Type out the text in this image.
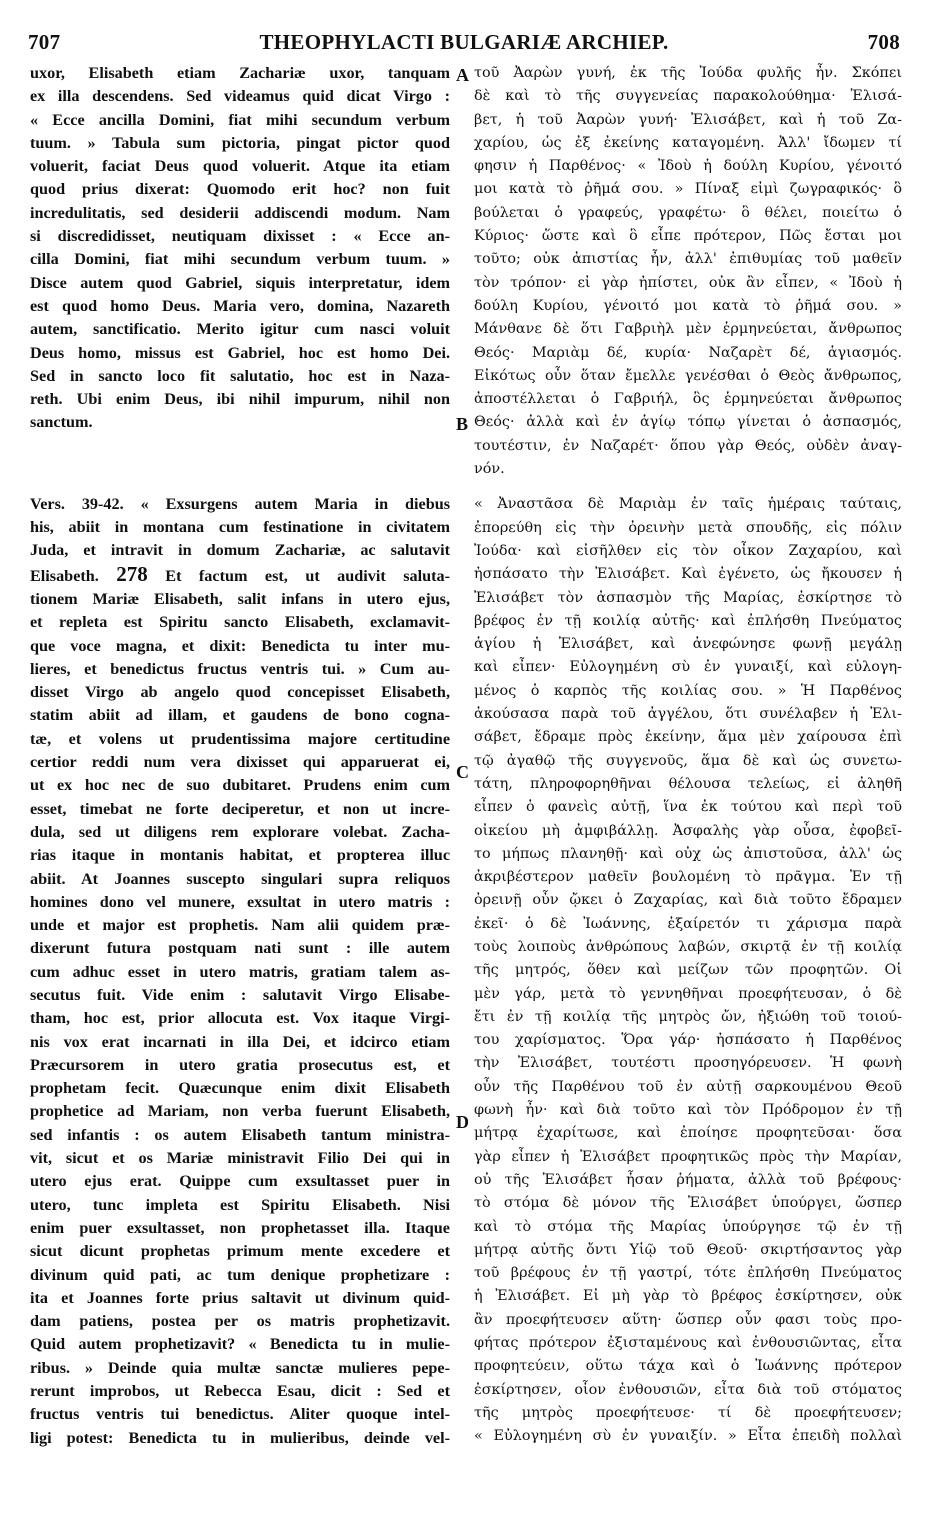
707	THEOPHYLACTI BULGARIÆ ARCHIEP.	708
uxor, Elisabeth etiam Zachariæ uxor, tanquam
ex illa descendens. Sed videamus quid dicat Virgo :
« Ecce ancilla Domini, fiat mihi secundum verbum
tuum. » Tabula sum pictoria, pingat pictor quod
voluerit, faciat Deus quod voluerit. Atque ita etiam
quod prius dixerat: Quomodo erit hoc? non fuit
incredulitatis, sed desiderii addiscendi modum. Nam
si discredidisset, neutiquam dixisset : « Ecce an-
cilla Domini, fiat mihi secundum verbum tuum. »
Disce autem quod Gabriel, siquis interpretatur, idem
est quod homo Deus. Maria vero, domina, Nazareth
autem, sanctificatio. Merito igitur cum nasci voluit
Deus homo, missus est Gabriel, hoc est homo Dei.
Sed in sancto loco fit salutatio, hoc est in Naza-
reth. Ubi enim Deus, ibi nihil impurum, nihil non
sanctum.
Vers. 39-42. « Exsurgens autem Maria in diebus
his, abiit in montana cum festinatione in civitatem
Juda, et intravit in domum Zachariæ, ac salutavit
Elisabeth. 278 Et factum est, ut audivit saluta-
tionem Mariæ Elisabeth, salit infans in utero ejus,
et repleta est Spiritu sancto Elisabeth, exclamavit-
que voce magna, et dixit: Benedicta tu inter mu-
lieres, et benedictus fructus ventris tui. » Cum au-
disset Virgo ab angelo quod concepisset Elisabeth,
statim abiit ad illam, et gaudens de bono cogna-
tæ, et volens ut prudentissima majore certitudine
certior reddi num vera dixisset qui apparuerat ei,
ut ex hoc nec de suo dubitaret. Prudens enim cum
esset, timebat ne forte deciperetur, et non ut incre-
dula, sed ut diligens rem explorare volebat. Zacha-
rias itaque in montanis habitat, et propterea illuc
abiit. At Joannes suscepto singulari supra reliquos
homines dono vel munere, exsultat in utero matris :
unde et major est prophetis. Nam alii quidem præ-
dixerunt futura postquam nati sunt : ille autem
cum adhuc esset in utero matris, gratiam talem as-
secutus fuit. Vide enim : salutavit Virgo Elisabe-
tham, hoc est, prior allocuta est. Vox itaque Virgi-
nis vox erat incarnati in illa Dei, et idcirco etiam
Præcursorem in utero gratia prosecutus est, et
prophetam fecit. Quæcunque enim dixit Elisabeth
prophetice ad Mariam, non verba fuerunt Elisabeth,
sed infantis : os autem Elisabeth tantum ministra-
vit, sicut et os Mariæ ministravit Filio Dei qui in
utero ejus erat. Quippe cum exsultasset puer in
utero, tunc impleta est Spiritu Elisabeth. Nisi
enim puer exsultasset, non prophetasset illa. Itaque
sicut dicunt prophetas primum mente excedere et
divinum quid pati, ac tum denique prophetizare :
ita et Joannes forte prius saltavit ut divinum quid-
dam patiens, postea per os matris prophetizavit.
Quid autem prophetizavit? « Benedicta tu in mulie-
ribus. » Deinde quia multæ sanctæ mulieres pepe-
rerunt improbos, ut Rebecca Esau, dicit : Sed et
fructus ventris tui benedictus. Aliter quoque intel-
ligi potest: Benedicta tu in mulieribus, deinde vel-
τοῦ Ἀαρὼν γυνή, ἐκ τῆς Ἰούδα φυλῆς ἦν. Σκόπει
δὲ καὶ τὸ τῆς συγγενείας παρακολούθημα· Ἐλισά-
βετ, ἡ τοῦ Ἀαρὼν γυνή· Ἐλισάβετ, καὶ ἡ τοῦ Ζα-
χαρίου, ὡς ἐξ ἐκείνης καταγομένη. Ἀλλ' ἴδωμεν τί
φησιν ἡ Παρθένος· « Ἰδοὺ ἡ δούλη Κυρίου, γένοιτό
μοι κατὰ τὸ ῥῆμά σου. » Πίναξ εἰμὶ ζωγραφικός· ὃ
βούλεται ὁ γραφεύς, γραφέτω· ὃ θέλει, ποιείτω ὁ
Κύριος· ὥστε καὶ ὃ εἶπε πρότερον, Πῶς ἔσται μοι
τοῦτο; οὐκ ἀπιστίας ἦν, ἀλλ' ἐπιθυμίας τοῦ μαθεῖν
τὸν τρόπον· εἰ γὰρ ἠπίστει, οὐκ ἂν εἶπεν, « Ἰδοὺ ἡ
δούλη Κυρίου, γένοιτό μοι κατὰ τὸ ῥῆμά σου. »
Μάνθανε δὲ ὅτι Γαβριὴλ μὲν ἑρμηνεύεται, ἄνθρωπος
Θεός· Μαριὰμ δέ, κυρία· Ναζαρὲτ δέ, ἁγιασμός.
Εἰκότως οὖν ὅταν ἔμελλε γενέσθαι ὁ Θεὸς ἄνθρωπος,
ἀποστέλλεται ὁ Γαβριήλ, ὃς ἑρμηνεύεται ἄνθρωπος
Θεός· ἀλλὰ καὶ ἐν ἁγίῳ τόπῳ γίνεται ὁ ἀσπασμός,
τουτέστιν, ἐν Ναζαρέτ· ὅπου γὰρ Θεός, οὐδὲν ἀναγ-
νόν.
« Ἀναστᾶσα δὲ Μαριὰμ ἐν ταῖς ἡμέραις ταύταις,
ἐπορεύθη εἰς τὴν ὀρεινὴν μετὰ σπουδῆς, εἰς πόλιν
Ἰούδα· καὶ εἰσῆλθεν εἰς τὸν οἶκον Ζαχαρίου, καὶ
ἠσπάσατο τὴν Ἐλισάβετ. Καὶ ἐγένετο, ὡς ἤκουσεν ἡ
Ἐλισάβετ τὸν ἀσπασμὸν τῆς Μαρίας, ἐσκίρτησε τὸ
βρέφος ἐν τῇ κοιλίᾳ αὐτῆς· καὶ ἐπλήσθη Πνεύματος
ἁγίου ἡ Ἐλισάβετ, καὶ ἀνεφώνησε φωνῇ μεγάλῃ
καὶ εἶπεν· Εὐλογημένη σὺ ἐν γυναιξί, καὶ εὐλογη-
μένος ὁ καρπὸς τῆς κοιλίας σου. » Ἡ Παρθένος
ἀκούσασα παρὰ τοῦ ἀγγέλου, ὅτι συνέλαβεν ἡ Ἐλι-
σάβετ, ἔδραμε πρὸς ἐκείνην, ἅμα μὲν χαίρουσα ἐπὶ
τῷ ἀγαθῷ τῆς συγγενοῦς, ἅμα δὲ καὶ ὡς συνετω-
τάτη, πληροφορηθῆναι θέλουσα τελείως, εἰ ἀληθῆ
εἶπεν ὁ φανεὶς αὐτῇ, ἵνα ἐκ τούτου καὶ περὶ τοῦ
οἰκείου μὴ ἀμφιβάλλῃ. Ἀσφαλὴς γὰρ οὖσα, ἐφοβεῖ-
το μήπως πλανηθῇ· καὶ οὐχ ὡς ἀπιστοῦσα, ἀλλ' ὡς
ἀκριβέστερον μαθεῖν βουλομένη τὸ πρᾶγμα. Ἐν τῇ
ὀρεινῇ οὖν ᾤκει ὁ Ζαχαρίας, καὶ διὰ τοῦτο ἔδραμεν
ἐκεῖ· ὁ δὲ Ἰωάννης, ἐξαίρετόν τι χάρισμα παρὰ
τοὺς λοιποὺς ἀνθρώπους λαβών, σκιρτᾷ ἐν τῇ κοιλίᾳ
τῆς μητρός, ὅθεν καὶ μείζων τῶν προφητῶν. Οἱ
μὲν γάρ, μετὰ τὸ γεννηθῆναι προεφήτευσαν, ὁ δὲ
ἔτι ἐν τῇ κοιλίᾳ τῆς μητρὸς ὤν, ἠξιώθη τοῦ τοιού-
του χαρίσματος. Ὅρα γάρ· ἠσπάσατο ἡ Παρθένος
τὴν Ἐλισάβετ, τουτέστι προσηγόρευσεν. Ἡ φωνὴ
οὖν τῆς Παρθένου τοῦ ἐν αὐτῇ σαρκουμένου Θεοῦ
φωνὴ ἦν· καὶ διὰ τοῦτο καὶ τὸν Πρόδρομον ἐν τῇ
μήτρᾳ ἐχαρίτωσε, καὶ ἐποίησε προφητεῦσαι· ὅσα
γὰρ εἶπεν ἡ Ἐλισάβετ προφητικῶς πρὸς τὴν Μαρίαν,
οὐ τῆς Ἐλισάβετ ἦσαν ῥήματα, ἀλλὰ τοῦ βρέφους·
τὸ στόμα δὲ μόνον τῆς Ἐλισάβετ ὑπούργει, ὥσπερ
καὶ τὸ στόμα τῆς Μαρίας ὑπούργησε τῷ ἐν τῇ
μήτρᾳ αὐτῆς ὄντι Υἱῷ τοῦ Θεοῦ· σκιρτήσαντος γὰρ
τοῦ βρέφους ἐν τῇ γαστρί, τότε ἐπλήσθη Πνεύματος
ἡ Ἐλισάβετ. Εἰ μὴ γὰρ τὸ βρέφος ἐσκίρτησεν, οὐκ
ἂν προεφήτευσεν αὕτη· ὥσπερ οὖν φασι τοὺς προ-
φήτας πρότερον ἐξισταμένους καὶ ἐνθουσιῶντας, εἶτα
προφητεύειν, οὕτω τάχα καὶ ὁ Ἰωάννης πρότερον
ἐσκίρτησεν, οἷον ἐνθουσιῶν, εἶτα διὰ τοῦ στόματος
τῆς μητρὸς προεφήτευσε· τί δὲ προεφήτευσεν;
« Εὐλογημένη σὺ ἐν γυναιξίν. » Εἶτα ἐπειδὴ πολλαὶ
A
B
C
D
